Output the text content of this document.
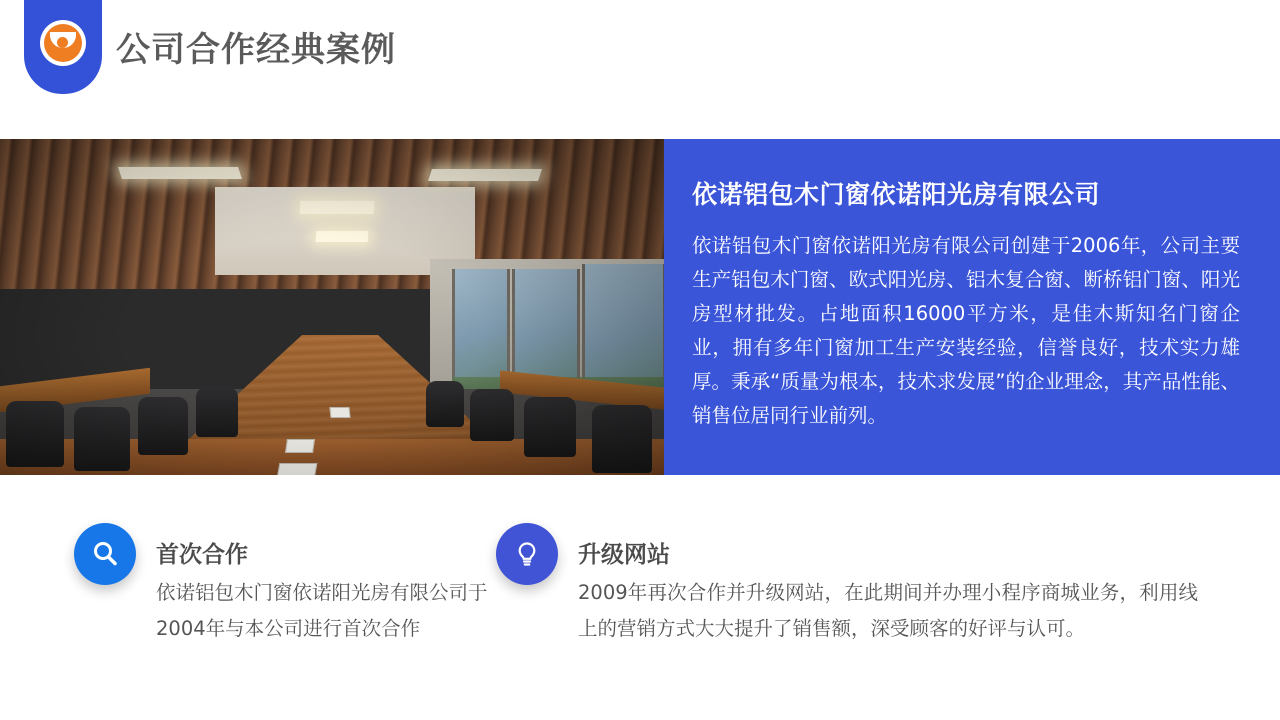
公司合作经典案例
依诺铝包木门窗依诺阳光房有限公司

依诺铝包木门窗依诺阳光房有限公司创建于2006年，公司主要生产铝包木门窗、欧式阳光房、铝木复合窗、断桥铝门窗、阳光房型材批发。占地面积16000平方米，是佳木斯知名门窗企业，拥有多年门窗加工生产安装经验，信誉良好，技术实力雄厚。秉承“质量为根本，技术求发展”的企业理念，其产品性能、销售位居同行业前列。

首次合作
依诺铝包木门窗依诺阳光房有限公司于2004年与本公司进行首次合作
升级网站
2009年再次合作并升级网站，在此期间并办理小程序商城业务，利用线上的营销方式大大提升了销售额，深受顾客的好评与认可。
